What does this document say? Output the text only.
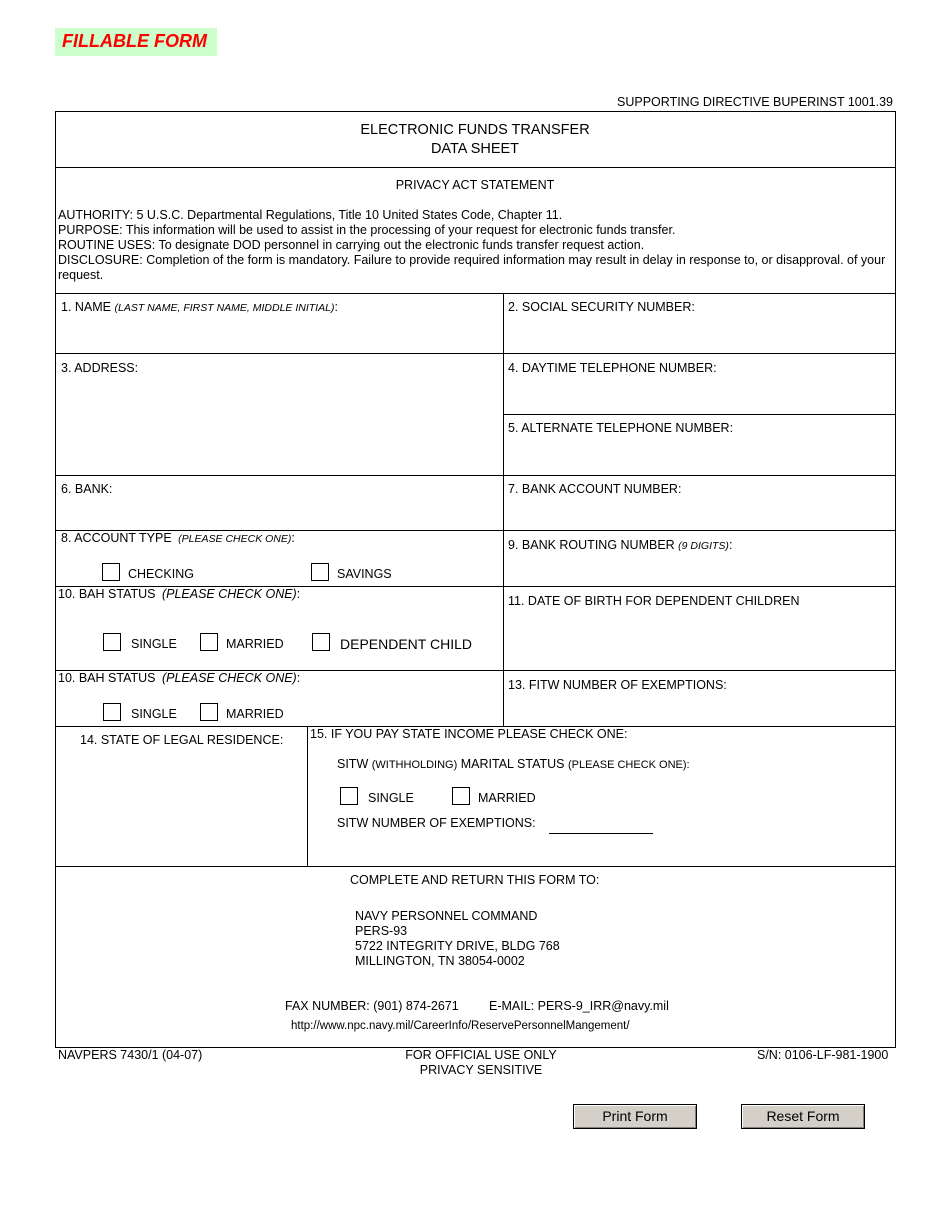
FILLABLE FORM
SUPPORTING DIRECTIVE BUPERINST 1001.39
ELECTRONIC FUNDS TRANSFER
DATA SHEET
PRIVACY ACT STATEMENT

AUTHORITY: 5 U.S.C. Departmental Regulations, Title 10 United States Code, Chapter 11.

PURPOSE: This information will be used to assist in the processing of your request for electronic funds transfer.

ROUTINE USES: To designate DOD personnel in carrying out the electronic funds transfer request action.

DISCLOSURE: Completion of the form is mandatory. Failure to provide required information may result in delay in response to, or disapproval. of your request.

1. NAME (LAST NAME, FIRST NAME, MIDDLE INITIAL):	2. SOCIAL SECURITY NUMBER:
3. ADDRESS:	4. DAYTIME TELEPHONE NUMBER:
5. ALTERNATE TELEPHONE NUMBER:
6. BANK:	7. BANK ACCOUNT NUMBER:
8. ACCOUNT TYPE (PLEASE CHECK ONE):
CHECKING	SAVINGS
9. BANK ROUTING NUMBER (9 DIGITS):
10. BAH STATUS (PLEASE CHECK ONE):
SINGLE	MARRIED	DEPENDENT CHILD
11. DATE OF BIRTH FOR DEPENDENT CHILDREN
10. BAH STATUS (PLEASE CHECK ONE):
SINGLE	MARRIED
13. FITW NUMBER OF EXEMPTIONS:
14. STATE OF LEGAL RESIDENCE: 15. IF YOU PAY STATE INCOME PLEASE CHECK ONE:
SITW (WITHHOLDING) MARITAL STATUS (PLEASE CHECK ONE):
SINGLE	MARRIED
SITW NUMBER OF EXEMPTIONS:
COMPLETE AND RETURN THIS FORM TO:
NAVY PERSONNEL COMMAND
PERS-93
5722 INTEGRITY DRIVE, BLDG 768
MILLINGTON, TN 38054-0002
FAX NUMBER: (901) 874-2671 E-MAIL: PERS-9_IRR@navy.mil
http://www.npc.navy.mil/CareerInfo/ReservePersonnelMangement/
NAVPERS 7430/1 (04-07)	FOR OFFICIAL USE ONLY
PRIVACY SENSITIVE
S/N: 0106-LF-981-1900
Print Form	Reset Form
